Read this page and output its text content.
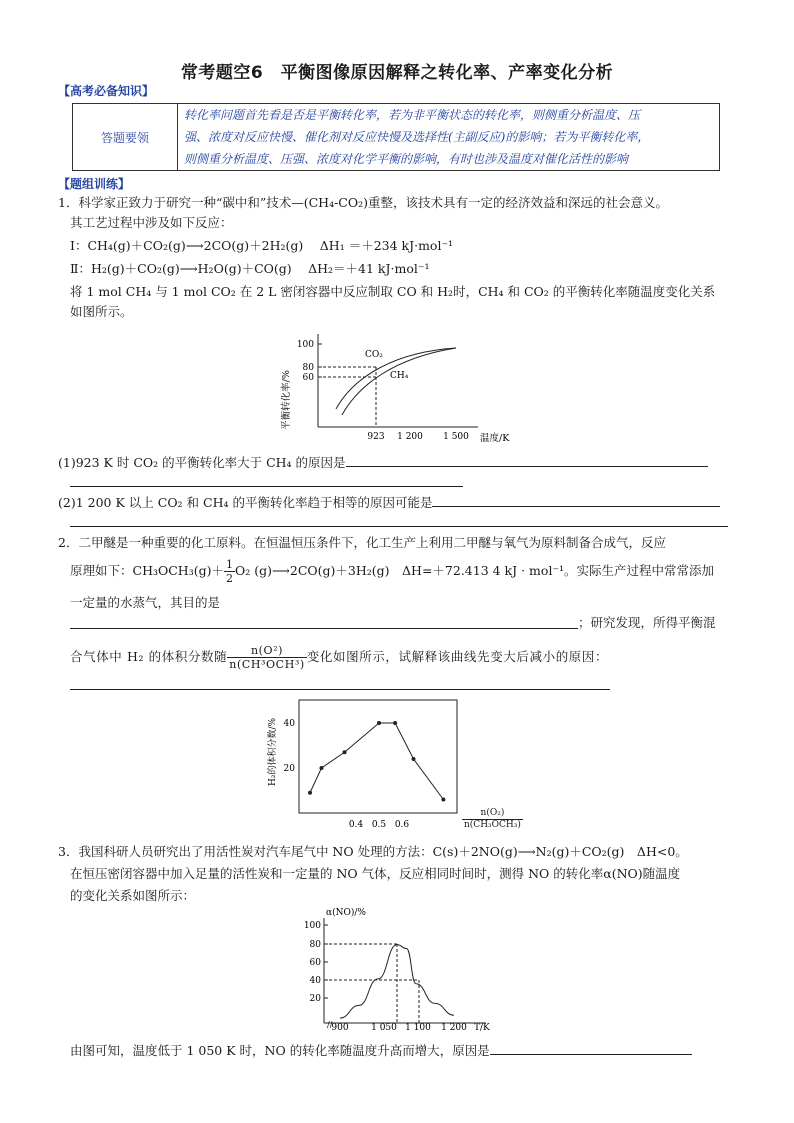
常考题空6　平衡图像原因解释之转化率、产率变化分析
【高考必备知识】
答题要领	
转化率问题首先看是否是平衡转化率，若为非平衡状态的转化率，则侧重分析温度、压
强、浓度对反应快慢、催化剂对反应快慢及选择性(主副反应)的影响；若为平衡转化率，
则侧重分析温度、压强、浓度对化学平衡的影响，有时也涉及温度对催化活性的影响
【题组训练】
1．科学家正致力于研究一种“碳中和”技术—(CH₄-CO₂)重整，该技术具有一定的经济效益和深远的社会意义。
其工艺过程中涉及如下反应：
Ⅰ：CH₄(g)＋CO₂(g)⟶2CO(g)＋2H₂(g)　 ΔH₁ ＝＋234 kJ·mol⁻¹
Ⅱ：H₂(g)＋CO₂(g)⟶H₂O(g)＋CO(g)　 ΔH₂＝＋41 kJ·mol⁻¹
将 1 mol CH₄ 与 1 mol CO₂ 在 2 L 密闭容器中反应制取 CO 和 H₂时，CH₄ 和 CO₂ 的平衡转化率随温度变化关系
如图所示。
平衡转化率/%
100
80
60
CO₂
CH₄
923 1 200 1 500 温度/K
(1)923 K 时 CO₂ 的平衡转化率大于 CH₄ 的原因是
(2)1 200 K 以上 CO₂ 和 CH₄ 的平衡转化率趋于相等的原因可能是
2．二甲醚是一种重要的化工原料。在恒温恒压条件下，化工生产上利用二甲醚与氧气为原料制备合成气，反应
原理如下：$CH_3OCH_3(g)+ \frac{1}{2} O_2$ (g)⟶2CO(g)＋3H₂(g)　ΔH=＋72.413 4 kJ · mol⁻¹。实际生产过程中常常添加
一定量的水蒸气，其目的是
；研究发现，所得平衡混
合气体中 H₂ 的体积分数随 $\frac{\text{n(O²)}}{\text{n(CH³OCH³)}}$ 变化如图所示，试解释该曲线先变大后减小的原因：
H₂的体积分数/% 40
20
0.4 0.5 0.6
n(O₂)
n(CH₃OCH₃)
3．我国科研人员研究出了用活性炭对汽车尾气中 NO 处理的方法：C(s)＋2NO(g)⟶N₂(g)＋CO₂(g)　ΔH<0。
在恒压密闭容器中加入足量的活性炭和一定量的 NO 气体，反应相同时间时，测得 NO 的转化率α(NO)随温度
的变化关系如图所示：
α(NO)/%
100
80
60
40
20
// 900	1 050 1 100 1 200 T/K
由图可知，温度低于 1 050 K 时，NO 的转化率随温度升高而增大，原因是
